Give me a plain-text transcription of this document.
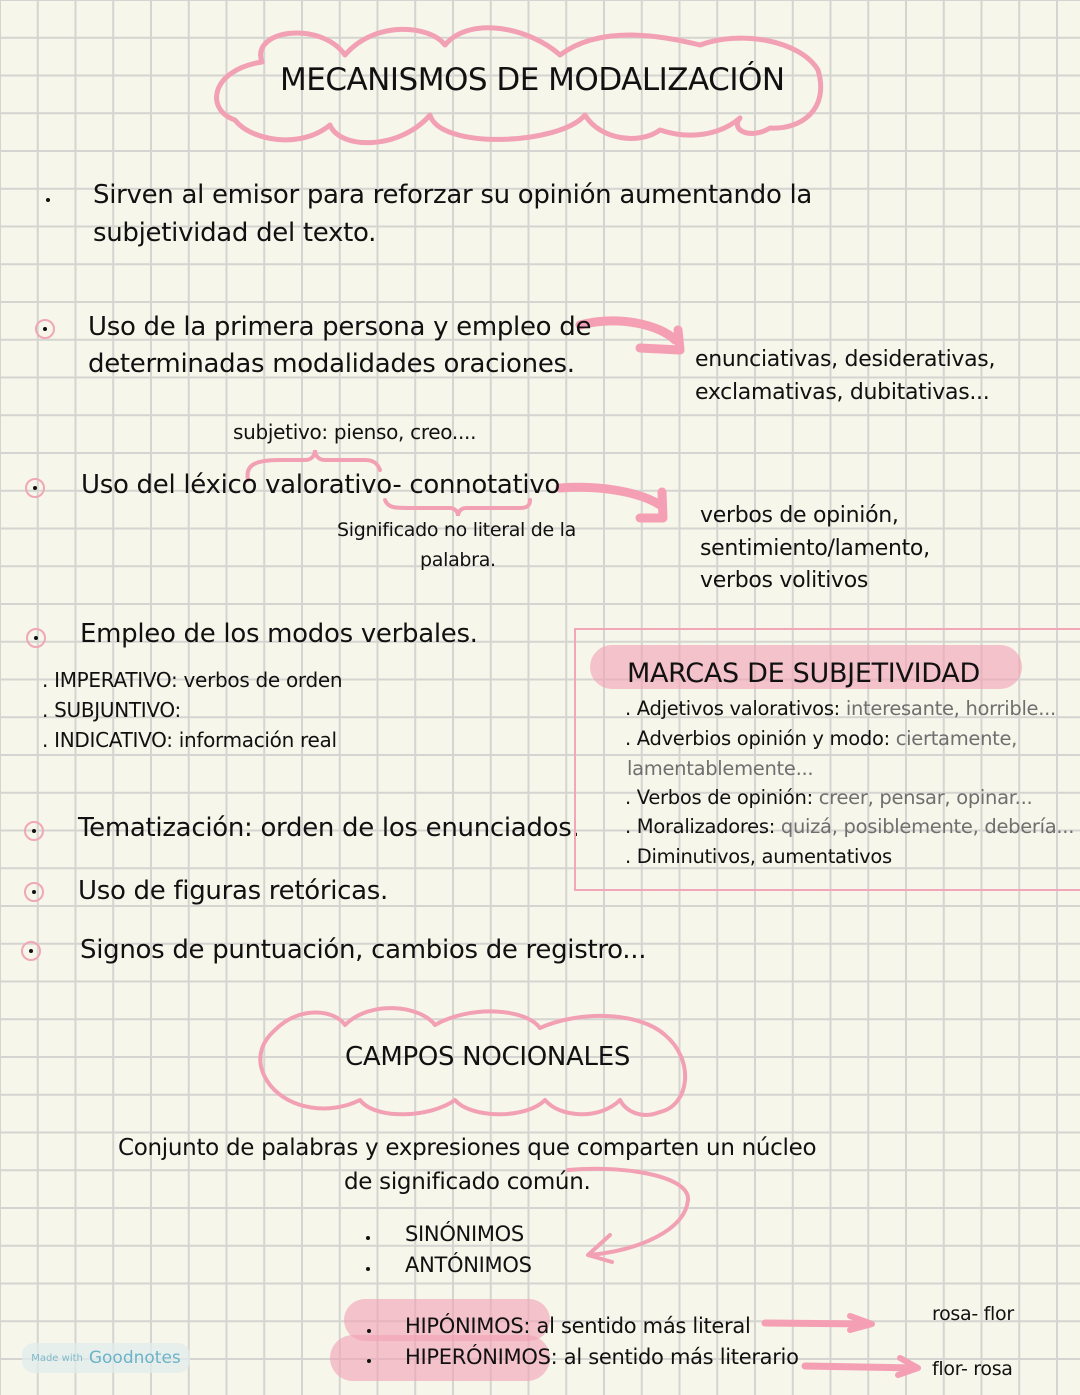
MECANISMOS DE MODALIZACIÓN
Sirven al emisor para reforzar su opinión aumentando la
subjetividad del texto.
Uso de la primera persona y empleo de
determinadas modalidades oraciones.	enunciativas, desiderativas,
exclamativas, dubitativas...
subjetivo: pienso, creo....
Uso del léxico valorativo- connotativo
Significado no literal de la
palabra.
verbos de opinión,
sentimiento/lamento,
verbos volitivos
Empleo de los modos verbales.
. IMPERATIVO: verbos de orden
. SUBJUNTIVO:
. INDICATIVO: información real
Tematización: orden de los enunciados.
Uso de figuras retóricas.
Signos de puntuación, cambios de registro...
MARCAS DE SUBJETIVIDAD
. Adjetivos valorativos: interesante, horrible...
. Adverbios opinión y modo: ciertamente,
lamentablemente...
. Verbos de opinión: creer, pensar, opinar...
. Moralizadores: quizá, posiblemente, debería...
. Diminutivos, aumentativos
CAMPOS NOCIONALES
Conjunto de palabras y expresiones que comparten un núcleo
de significado común.
SINÓNIMOS
ANTÓNIMOS
HIPÓNIMOS: al sentido más literal	rosa- flor
HIPERÓNIMOS: al sentido más literario	flor- rosa
Made with Goodnotes
